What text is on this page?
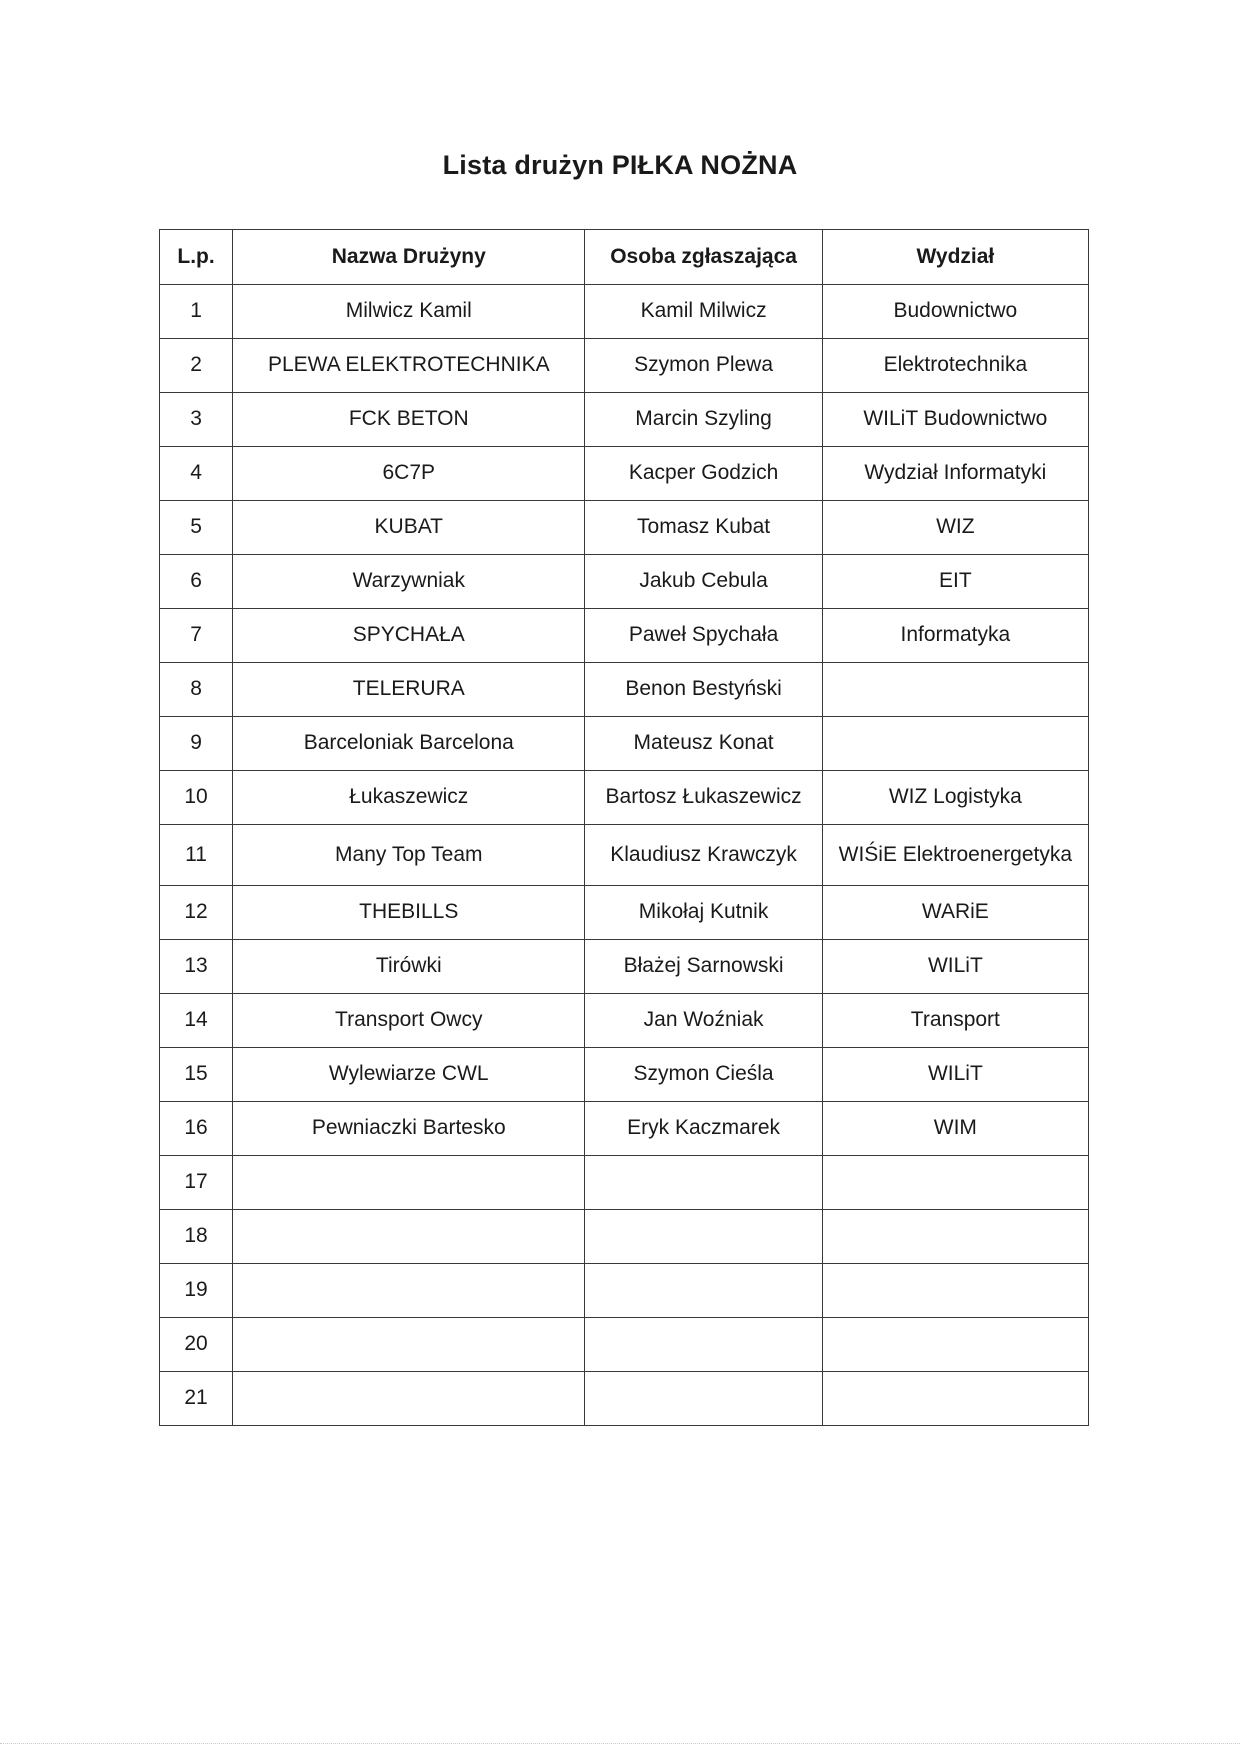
Lista drużyn PIŁKA NOŻNA
L.p.	Nazwa Drużyny	Osoba zgłaszająca	Wydział
1	Milwicz Kamil	Kamil Milwicz	Budownictwo
2	PLEWA ELEKTROTECHNIKA	Szymon Plewa	Elektrotechnika
3	FCK BETON	Marcin Szyling	WILiT Budownictwo
4	6C7P	Kacper Godzich	Wydział Informatyki
5	KUBAT	Tomasz Kubat	WIZ
6	Warzywniak	Jakub Cebula	EIT
7	SPYCHAŁA	Paweł Spychała	Informatyka
8	TELERURA	Benon Bestyński	
9	Barceloniak Barcelona	Mateusz Konat	
10	Łukaszewicz	Bartosz Łukaszewicz	WIZ Logistyka
11	Many Top Team	Klaudiusz Krawczyk	WIŚiE Elektroenergetyka
12	THEBILLS	Mikołaj Kutnik	WARiE
13	Tirówki	Błażej Sarnowski	WILiT
14	Transport Owcy	Jan Woźniak	Transport
15	Wylewiarze CWL	Szymon Cieśla	WILiT
16	Pewniaczki Bartesko	Eryk Kaczmarek	WIM
17			
18			
19			
20			
21			
